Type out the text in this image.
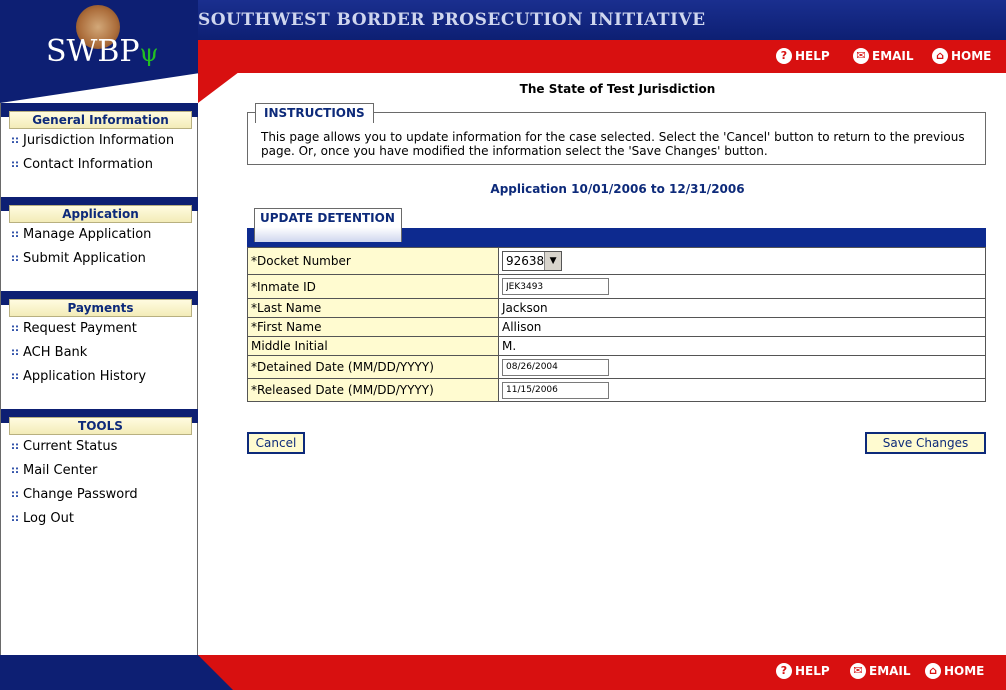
SWBPψ
SOUTHWEST BORDER PROSECUTION INITIATIVE
? HELP	✉ EMAIL	⌂ HOME
General Information
:: Jurisdiction Information
:: Contact Information
Application
:: Manage Application
:: Submit Application
Payments
:: Request Payment
:: ACH Bank
:: Application History
TOOLS
:: Current Status
:: Mail Center
:: Change Password
:: Log Out
The State of Test Jurisdiction
INSTRUCTIONS
This page allows you to update information for the case selected. Select the 'Cancel' button to return to the previous page. Or, once you have modified the information select the 'Save Changes' button.
Application 10/01/2006 to 12/31/2006
UPDATE DETENTION
*Docket Number	92638 ▼

*Inmate ID	JEK3493
*Last Name	Jackson
*First Name	Allison
Middle Initial	M.
*Detained Date (MM/DD/YYYY)	08/26/2004
*Released Date (MM/DD/YYYY)	11/15/2006
Cancel	Save Changes
? HELP	✉ EMAIL	⌂ HOME
